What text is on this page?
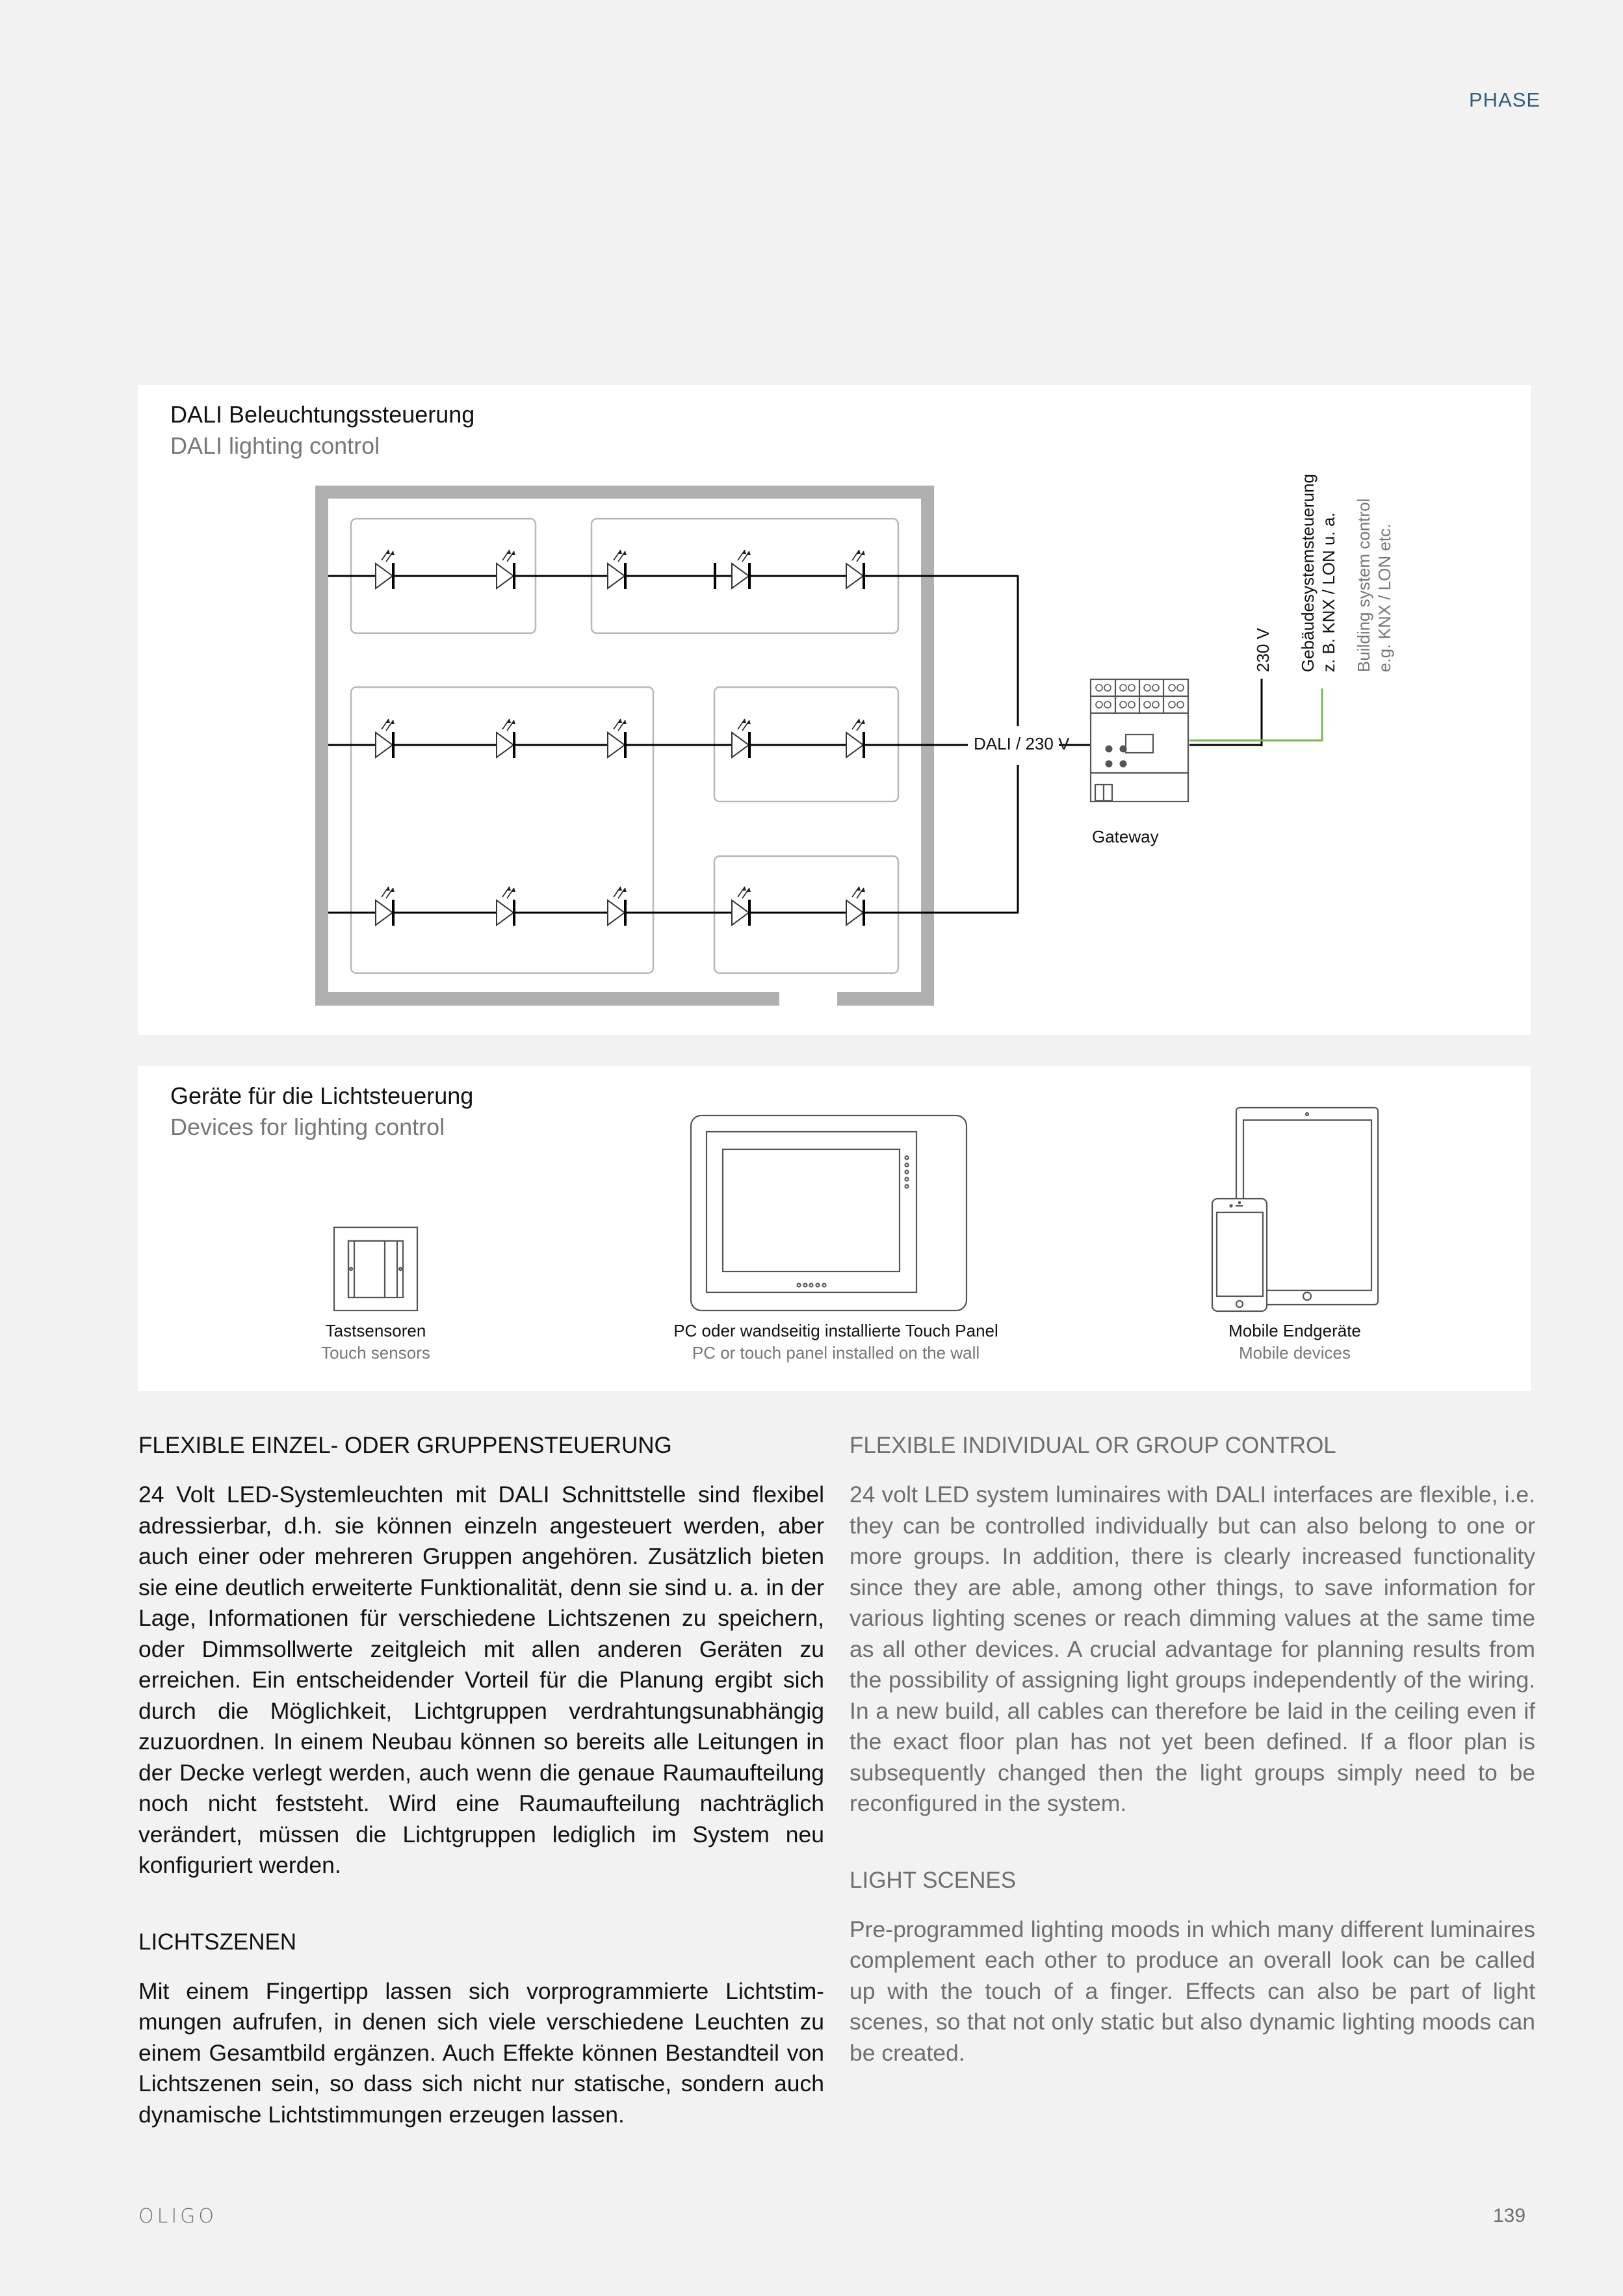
PHASE
DALI Beleuchtungssteuerung
DALI lighting control
DALI / 230 V
Gateway
230 V Gebäudesystemsteuerung z. B. KNX / LON u. a. Building system control e.g. KNX / LON etc.
Geräte für die Lichtsteuerung
Devices for lighting control
Tastsensoren
Touch sensors
PC oder wandseitig installierte Touch Panel
PC or touch panel installed on the wall
Mobile Endgeräte
Mobile devices
FLEXIBLE EINZEL- ODER GRUPPENSTEUERUNG

24 Volt LED-Systemleuchten mit DALI Schnittstelle sind flexibel adressierbar, d.h. sie können einzeln angesteuert werden, aber auch einer oder mehreren Gruppen angehören. Zusätzlich bieten sie eine deutlich erweiterte Funktionalität, denn sie sind u. a. in der Lage, Informationen für verschiedene Lichtszenen zu speichern, oder Dimmsollwerte zeitgleich mit allen anderen Geräten zu erreichen. Ein entscheidender Vorteil für die Planung ergibt sich durch die Möglichkeit, Lichtgruppen verdrahtungsunabhängig zuzuordnen. In einem Neubau können so bereits alle Leitungen in der Decke verlegt werden, auch wenn die genaue Raumaufteilung noch nicht feststeht. Wird eine Raumaufteilung nachträglich verändert, müssen die Lichtgruppen lediglich im System neu konfiguriert werden.

LICHTSZENEN

Mit einem Fingertipp lassen sich vorprogrammierte Lichtstimmungen aufrufen, in denen sich viele verschiedene Leuchten zu einem Gesamtbild ergänzen. Auch Effekte können Bestandteil von Lichtszenen sein, so dass sich nicht nur statische, sondern auch dynamische Lichtstimmungen erzeugen lassen.

FLEXIBLE INDIVIDUAL OR GROUP CONTROL

24 volt LED system luminaires with DALI interfaces are flexible, i.e. they can be controlled individually but can also belong to one or more groups. In addition, there is clearly increased functionality since they are able, among other things, to save information for various lighting scenes or reach dimming values at the same time as all other devices. A crucial advantage for planning results from the possibility of assigning light groups independently of the wiring. In a new build, all cables can therefore be laid in the ceiling even if the exact floor plan has not yet been defined. If a floor plan is subsequently changed then the light groups simply need to be reconfigured in the system.

LIGHT SCENES

Pre-programmed lighting moods in which many different luminaires complement each other to produce an overall look can be called up with the touch of a finger. Effects can also be part of light scenes, so that not only static but also dynamic lighting moods can be created.

OLIGO	139
